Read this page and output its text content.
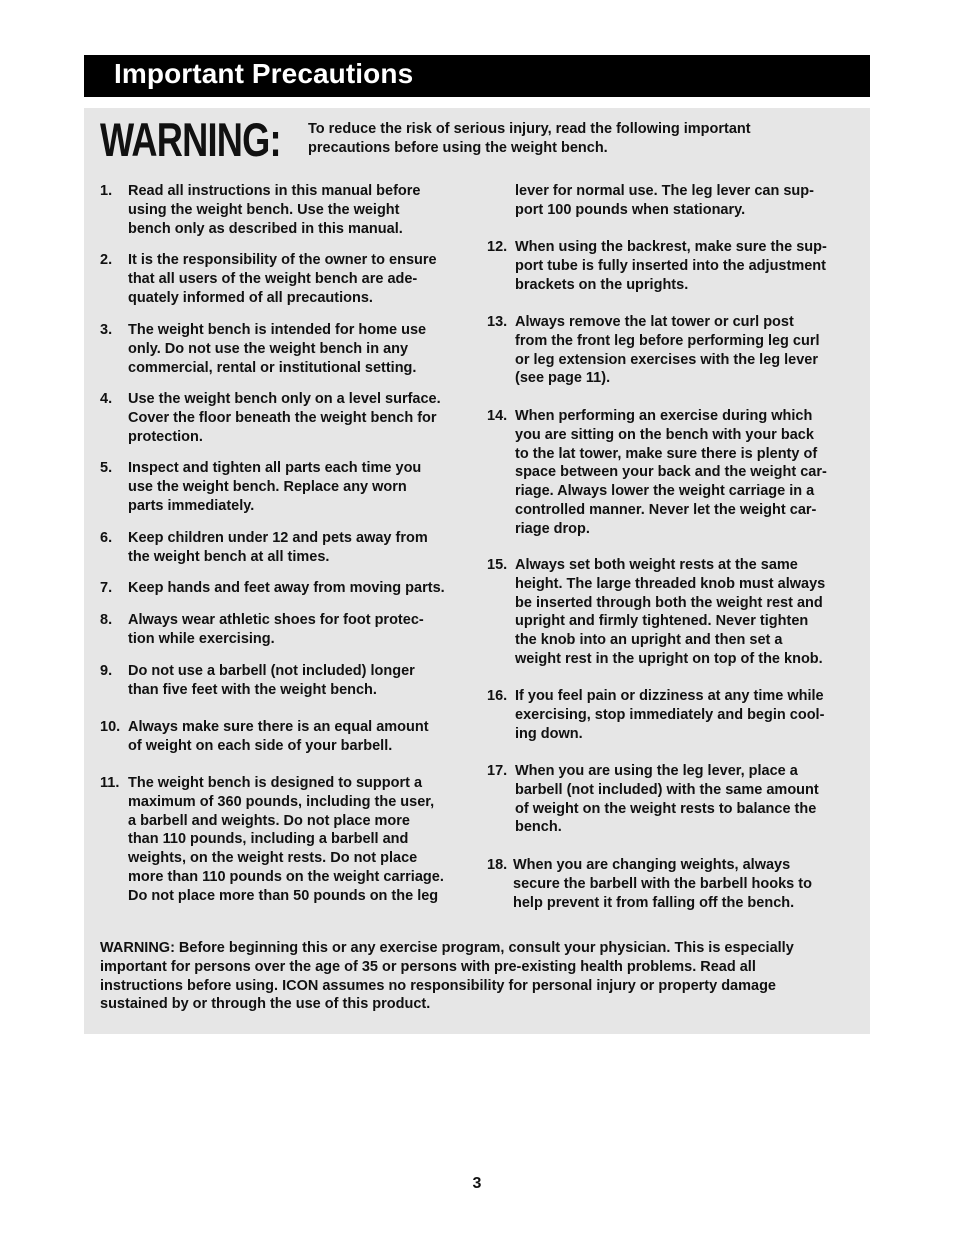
Important Precautions
WARNING: To reduce the risk of serious injury, read the following important
precautions before using the weight bench.
1. Read all instructions in this manual before
using the weight bench. Use the weight
bench only as described in this manual.
2. It is the responsibility of the owner to ensure
that all users of the weight bench are ade-
quately informed of all precautions.
3. The weight bench is intended for home use
only. Do not use the weight bench in any
commercial, rental or institutional setting.
4. Use the weight bench only on a level surface.
Cover the floor beneath the weight bench for
protection.
5. Inspect and tighten all parts each time you
use the weight bench. Replace any worn
parts immediately.
6. Keep children under 12 and pets away from
the weight bench at all times.
7. Keep hands and feet away from moving parts.
8. Always wear athletic shoes for foot protec-
tion while exercising.
9. Do not use a barbell (not included) longer
than five feet with the weight bench.
10. Always make sure there is an equal amount
of weight on each side of your barbell.
11. The weight bench is designed to support a
maximum of 360 pounds, including the user,
a barbell and weights. Do not place more
than 110 pounds, including a barbell and
weights, on the weight rests. Do not place
more than 110 pounds on the weight carriage.
Do not place more than 50 pounds on the leg
lever for normal use. The leg lever can sup-
port 100 pounds when stationary.
12. When using the backrest, make sure the sup-
port tube is fully inserted into the adjustment
brackets on the uprights.
13. Always remove the lat tower or curl post
from the front leg before performing leg curl
or leg extension exercises with the leg lever
(see page 11).
14. When performing an exercise during which
you are sitting on the bench with your back
to the lat tower, make sure there is plenty of
space between your back and the weight car-
riage. Always lower the weight carriage in a
controlled manner. Never let the weight car-
riage drop.
15. Always set both weight rests at the same
height. The large threaded knob must always
be inserted through both the weight rest and
upright and firmly tightened. Never tighten
the knob into an upright and then set a
weight rest in the upright on top of the knob.
16. If you feel pain or dizziness at any time while
exercising, stop immediately and begin cool-
ing down.
17. When you are using the leg lever, place a
barbell (not included) with the same amount
of weight on the weight rests to balance the
bench.
18. When you are changing weights, always
secure the barbell with the barbell hooks to
help prevent it from falling off the bench.
WARNING: Before beginning this or any exercise program, consult your physician. This is especially
important for persons over the age of 35 or persons with pre-existing health problems. Read all
instructions before using. ICON assumes no responsibility for personal injury or property damage
sustained by or through the use of this product.
3
